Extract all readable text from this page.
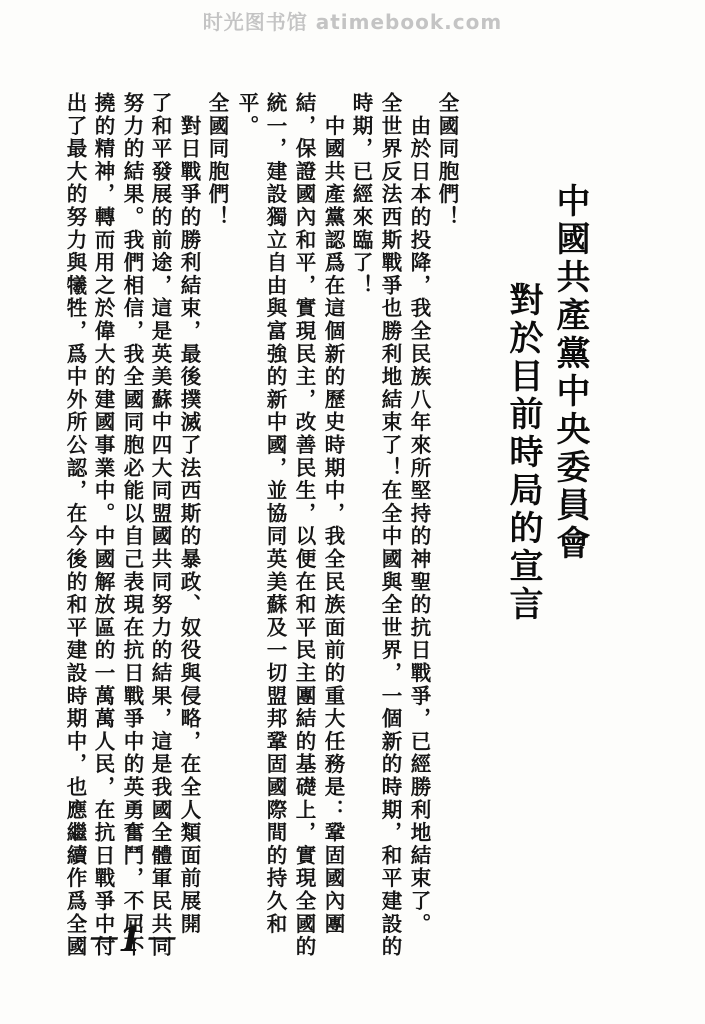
时光图书馆 atimebook.com
中國共產黨中央委員會
對於目前時局的宣言
全國同胞們！
　由於日本的投降，我全民族八年來所堅持的神聖的抗日戰爭，已經勝利地結束了。
全世界反法西斯戰爭也勝利地結束了！在全中國與全世界，一個新的時期，和平建設的
時期，已經來臨了！
　中國共產黨認爲在這個新的歷史時期中，我全民族面前的重大任務是：鞏固國內團
結，保證國內和平，實現民主，改善民生，以便在和平民主團結的基礎上，實現全國的
統一，建設獨立自由與富強的新中國，並協同英美蘇及一切盟邦鞏固國際間的持久和
平。
全國同胞們！
　對日戰爭的勝利結束，最後撲滅了法西斯的暴政、奴役與侵略，在全人類面前展開
了和平發展的前途，這是英美蘇中四大同盟國共同努力的結果，這是我國全體軍民共同
努力的結果。我們相信，我全國同胞必能以自己表現在抗日戰爭中的英勇奮鬥，不屈不
撓的精神，轉而用之於偉大的建國事業中。中國解放區的一萬萬人民，在抗日戰爭中付
出了最大的努力與犧牲，爲中外所公認，在今後的和平建設時期中，也應繼續作爲全國
－1－
